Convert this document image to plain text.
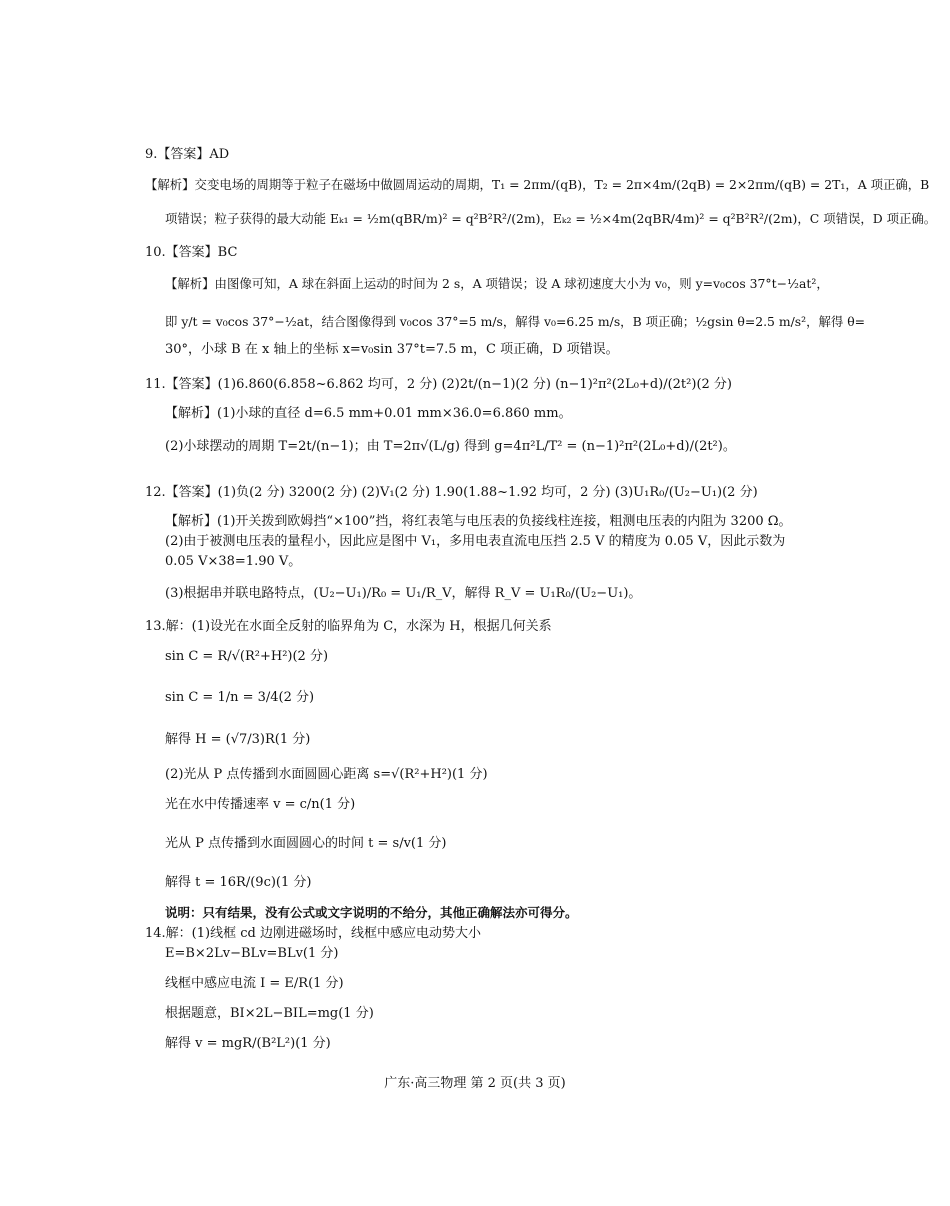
9.【答案】AD
【解析】交变电场的周期等于粒子在磁场中做圆周运动的周期，T₁ = 2πm/(qB)，T₂ = 2π×4m/(2qB) = 2×2πm/(qB) = 2T₁，A 项正确，B
项错误；粒子获得的最大动能 Eₖ₁ = ½m(qBR/m)² = q²B²R²/(2m)，Eₖ₂ = ½×4m(2qBR/4m)² = q²B²R²/(2m)，C 项错误，D 项正确。
10.【答案】BC
【解析】由图像可知，A 球在斜面上运动的时间为 2 s，A 项错误；设 A 球初速度大小为 v₀，则 y=v₀cos 37°t−½at²，
即 y/t = v₀cos 37°−½at，结合图像得到 v₀cos 37°=5 m/s，解得 v₀=6.25 m/s，B 项正确；½gsin θ=2.5 m/s²，解得 θ=
30°，小球 B 在 x 轴上的坐标 x=v₀sin 37°t=7.5 m，C 项正确，D 项错误。
11.【答案】(1)6.860(6.858~6.862 均可，2 分) (2)2t/(n−1)(2 分) (n−1)²π²(2L₀+d)/(2t²)(2 分)
【解析】(1)小球的直径 d=6.5 mm+0.01 mm×36.0=6.860 mm。
(2)小球摆动的周期 T=2t/(n−1)；由 T=2π√(L/g) 得到 g=4π²L/T² = (n−1)²π²(2L₀+d)/(2t²)。
12.【答案】(1)负(2 分) 3200(2 分) (2)V₁(2 分) 1.90(1.88~1.92 均可，2 分) (3)U₁R₀/(U₂−U₁)(2 分)
【解析】(1)开关拨到欧姆挡“×100”挡，将红表笔与电压表的负接线柱连接，粗测电压表的内阻为 3200 Ω。
(2)由于被测电压表的量程小，因此应是图中 V₁，多用电表直流电压挡 2.5 V 的精度为 0.05 V，因此示数为
0.05 V×38=1.90 V。
(3)根据串并联电路特点，(U₂−U₁)/R₀ = U₁/R_V，解得 R_V = U₁R₀/(U₂−U₁)。
13.解：(1)设光在水面全反射的临界角为 C，水深为 H，根据几何关系
sin C = R/√(R²+H²)(2 分)
sin C = 1/n = 3/4(2 分)
解得 H = (√7/3)R(1 分)
(2)光从 P 点传播到水面圆圆心距离 s=√(R²+H²)(1 分)
光在水中传播速率 v = c/n(1 分)
光从 P 点传播到水面圆圆心的时间 t = s/v(1 分)
解得 t = 16R/(9c)(1 分)
说明：只有结果，没有公式或文字说明的不给分，其他正确解法亦可得分。
14.解：(1)线框 cd 边刚进磁场时，线框中感应电动势大小
E=B×2Lv−BLv=BLv(1 分)
线框中感应电流 I = E/R(1 分)
根据题意，BI×2L−BIL=mg(1 分)
解得 v = mgR/(B²L²)(1 分)
广东·高三物理 第 2 页(共 3 页)
